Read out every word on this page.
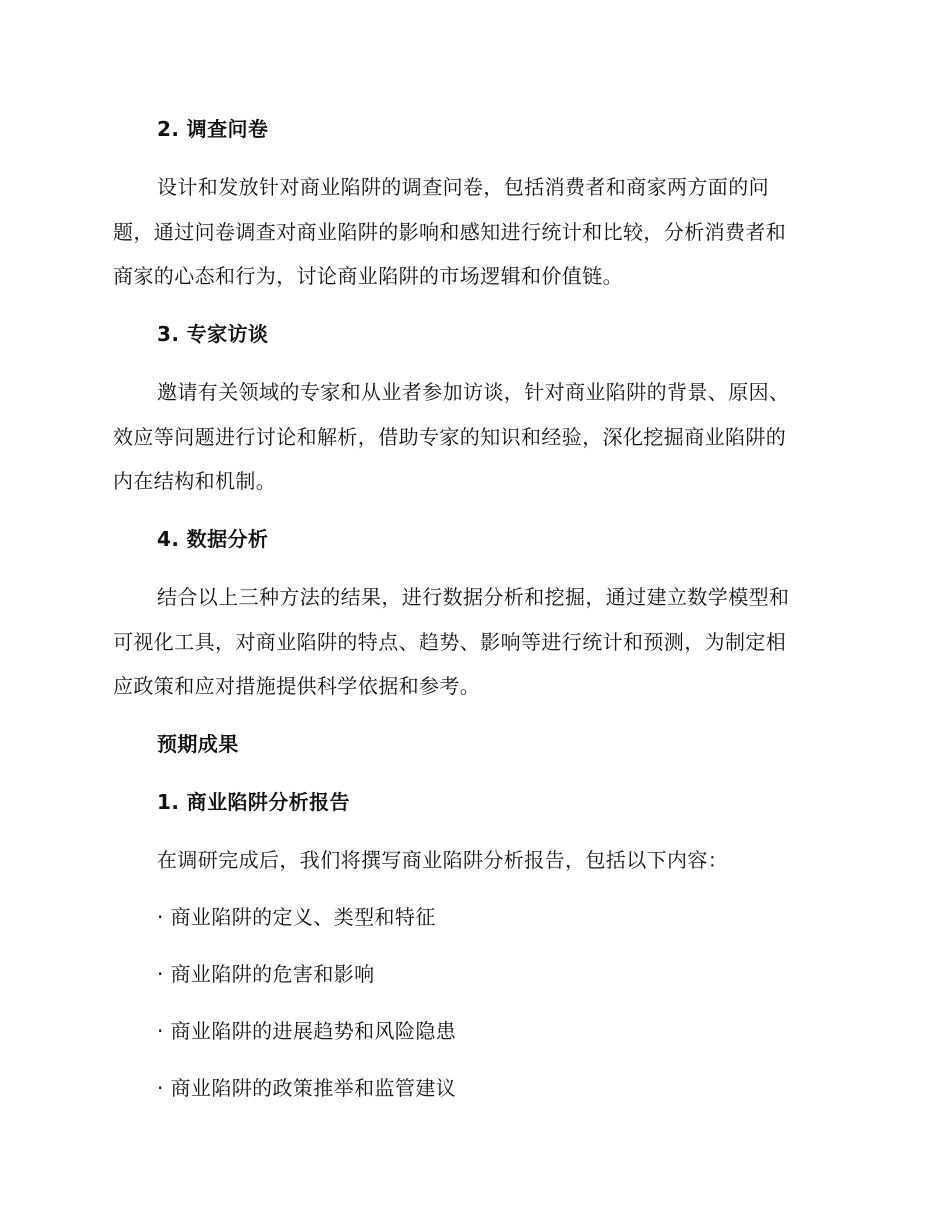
2. 调查问卷
设计和发放针对商业陷阱的调查问卷，包括消费者和商家两方面的问
题，通过问卷调查对商业陷阱的影响和感知进行统计和比较，分析消费者和
商家的心态和行为，讨论商业陷阱的市场逻辑和价值链。
3. 专家访谈
邀请有关领域的专家和从业者参加访谈，针对商业陷阱的背景、原因、
效应等问题进行讨论和解析，借助专家的知识和经验，深化挖掘商业陷阱的
内在结构和机制。
4. 数据分析
结合以上三种方法的结果，进行数据分析和挖掘，通过建立数学模型和
可视化工具，对商业陷阱的特点、趋势、影响等进行统计和预测，为制定相
应政策和应对措施提供科学依据和参考。
预期成果
1. 商业陷阱分析报告
在调研完成后，我们将撰写商业陷阱分析报告，包括以下内容：
· 商业陷阱的定义、类型和特征
· 商业陷阱的危害和影响
· 商业陷阱的进展趋势和风险隐患
· 商业陷阱的政策推举和监管建议
